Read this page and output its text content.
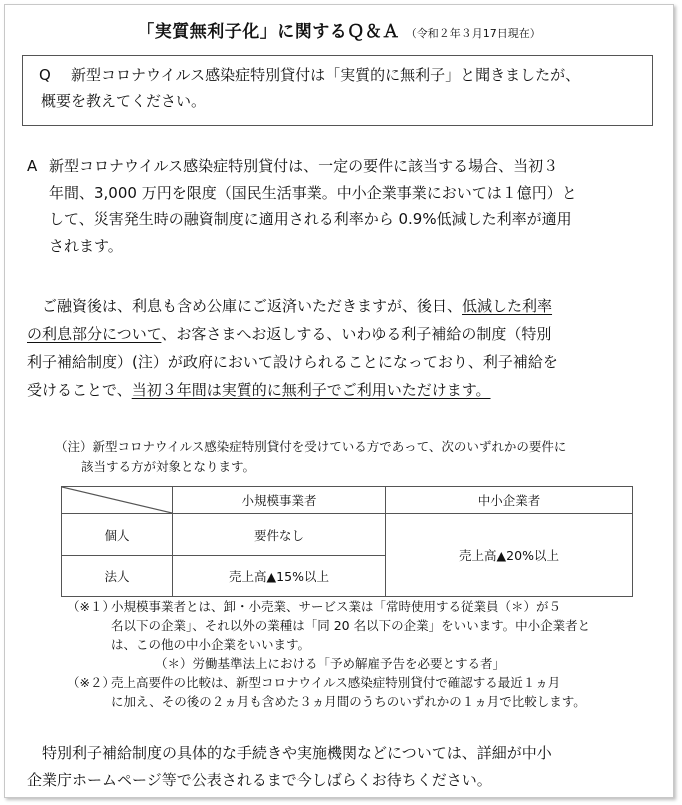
「実質無利子化」に関するＱ＆Ａ （令和２年３月17日現在）
Q	新型コロナウイルス感染症特別貸付は「実質的に無利子」と聞きましたが、
概要を教えてください。
A 新型コロナウイルス感染症特別貸付は、一定の要件に該当する場合、当初３
年間、3,000 万円を限度（国民生活事業。中小企業事業においては１億円）と
して、災害発生時の融資制度に適用される利率から 0.9%低減した利率が適用
されます。
　ご融資後は、利息も含め公庫にご返済いただきますが、後日、低減した利率
の利息部分について、お客さまへお返しする、いわゆる利子補給の制度（特別
利子補給制度）(注）が政府において設けられることになっており、利子補給を
受けることで、当初３年間は実質的に無利子でご利用いただけます。
（注）新型コロナウイルス感染症特別貸付を受けている方であって、次のいずれかの要件に
該当する方が対象となります。
	小規模事業者	中小企業者
個人	要件なし	売上高▲20%以上
法人	売上高▲15%以上	
（※１）
小規模事業者とは、卸・小売業、サービス業は「常時使用する従業員（＊）が５
名以下の企業」、それ以外の業種は「同 20 名以下の企業」をいいます。中小企業者と
は、この他の中小企業をいいます。
（＊）労働基準法上における「予め解雇予告を必要とする者」
（※２）
売上高要件の比較は、新型コロナウイルス感染症特別貸付で確認する最近１ヵ月
に加え、その後の２ヵ月も含めた３ヵ月間のうちのいずれかの１ヵ月で比較します。
　特別利子補給制度の具体的な手続きや実施機関などについては、詳細が中小
企業庁ホームページ等で公表されるまで今しばらくお待ちください。
